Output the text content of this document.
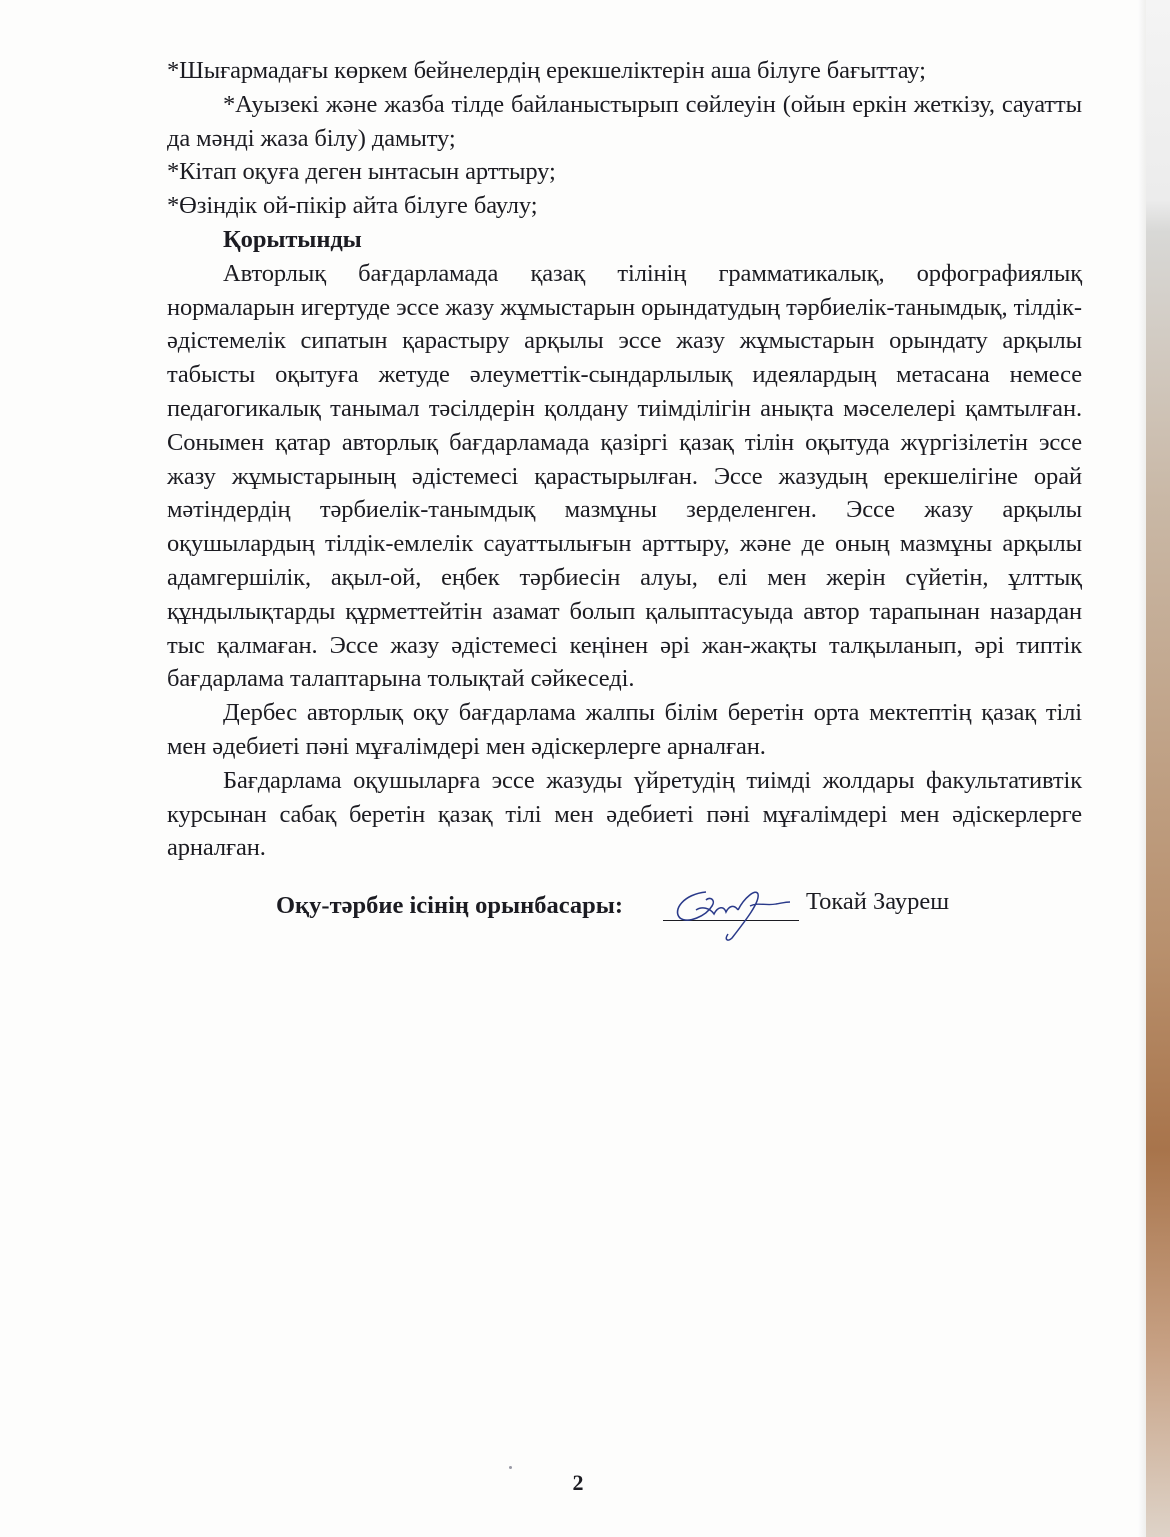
*Шығармадағы көркем бейнелердің ерекшеліктерін аша білуге бағыттау;

*Ауызекі және жазба тілде байланыстырып сөйлеуін (ойын еркін жеткізу, сауатты да мәнді жаза білу) дамыту;

*Кітап оқуға деген ынтасын арттыру;

*Өзіндік ой-пікір айта білуге баулу;

Қорытынды

Авторлық бағдарламада қазақ тілінің грамматикалық, орфографиялық нормаларын игертуде эссе жазу жұмыстарын орындатудың тәрбиелік-танымдық, тілдік-әдістемелік сипатын қарастыру арқылы эссе жазу жұмыстарын орындату арқылы табысты оқытуға жетуде әлеуметтік-сындарлылық идеялардың метасана немесе педагогикалық танымал тәсілдерін қолдану тиімділігін анықта мәселелері қамтылған. Сонымен қатар авторлық бағдарламада қазіргі қазақ тілін оқытуда жүргізілетін эссе жазу жұмыстарының әдістемесі қарастырылған. Эссе жазудың ерекшелігіне орай мәтіндердің тәрбиелік-танымдық мазмұны зерделенген. Эссе жазу арқылы оқушылардың тілдік-емлелік сауаттылығын арттыру, және де оның мазмұны арқылы адамгершілік, ақыл-ой, еңбек тәрбиесін алуы, елі мен жерін сүйетін, ұлттық құндылықтарды құрметтейтін азамат болып қалыптасуыда автор тарапынан назардан тыс қалмаған. Эссе жазу әдістемесі кеңінен әрі жан-жақты талқыланып, әрі типтік бағдарлама талаптарына толықтай сәйкеседі.

Дербес авторлық оқу бағдарлама жалпы білім беретін орта мектептің қазақ тілі мен әдебиеті пәні мұғалімдері мен әдіскерлерге арналған.

Бағдарлама оқушыларға эссе жазуды үйретудің тиімді жолдары факультативтік курсынан сабақ беретін қазақ тілі мен әдебиеті пәні мұғалімдері мен әдіскерлерге арналған.

Оқу-тәрбие ісінің орынбасары:	Токай Зауреш
2
